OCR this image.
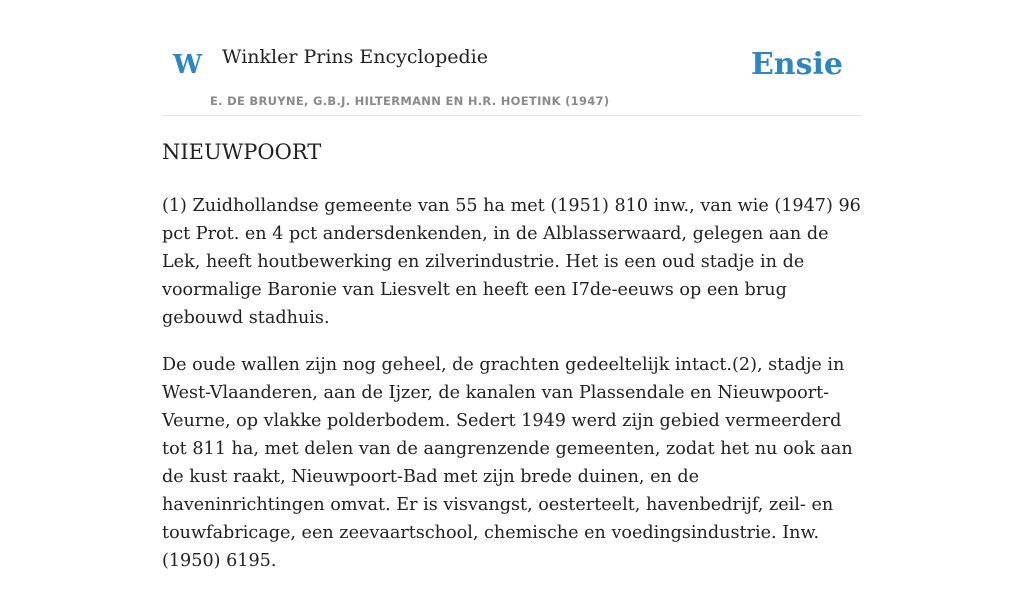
W Winkler Prins Encyclopedie	Ensie
E. DE BRUYNE, G.B.J. HILTERMANN EN H.R. HOETINK (1947)
NIEUWPOORT

(1) Zuidhollandse gemeente van 55 ha met (1951) 810 inw., van wie (1947) 96 pct Prot. en 4 pct andersdenkenden, in de Alblasserwaard, gelegen aan de Lek, heeft houtbewerking en zilverindustrie. Het is een oud stadje in de voormalige Baronie van Liesvelt en heeft een I7de-eeuws op een brug gebouwd stadhuis.

De oude wallen zijn nog geheel, de grachten gedeeltelijk intact.(2), stadje in West-Vlaanderen, aan de Ijzer, de kanalen van Plassendale en Nieuwpoort-Veurne, op vlakke polderbodem. Sedert 1949 werd zijn gebied vermeerderd tot 811 ha, met delen van de aangrenzende gemeenten, zodat het nu ook aan de kust raakt, Nieuwpoort-Bad met zijn brede duinen, en de haveninrichtingen omvat. Er is visvangst, oesterteelt, havenbedrijf, zeil- en touwfabricage, een zeevaartschool, chemische en voedingsindustrie. Inw. (1950) 6195.
